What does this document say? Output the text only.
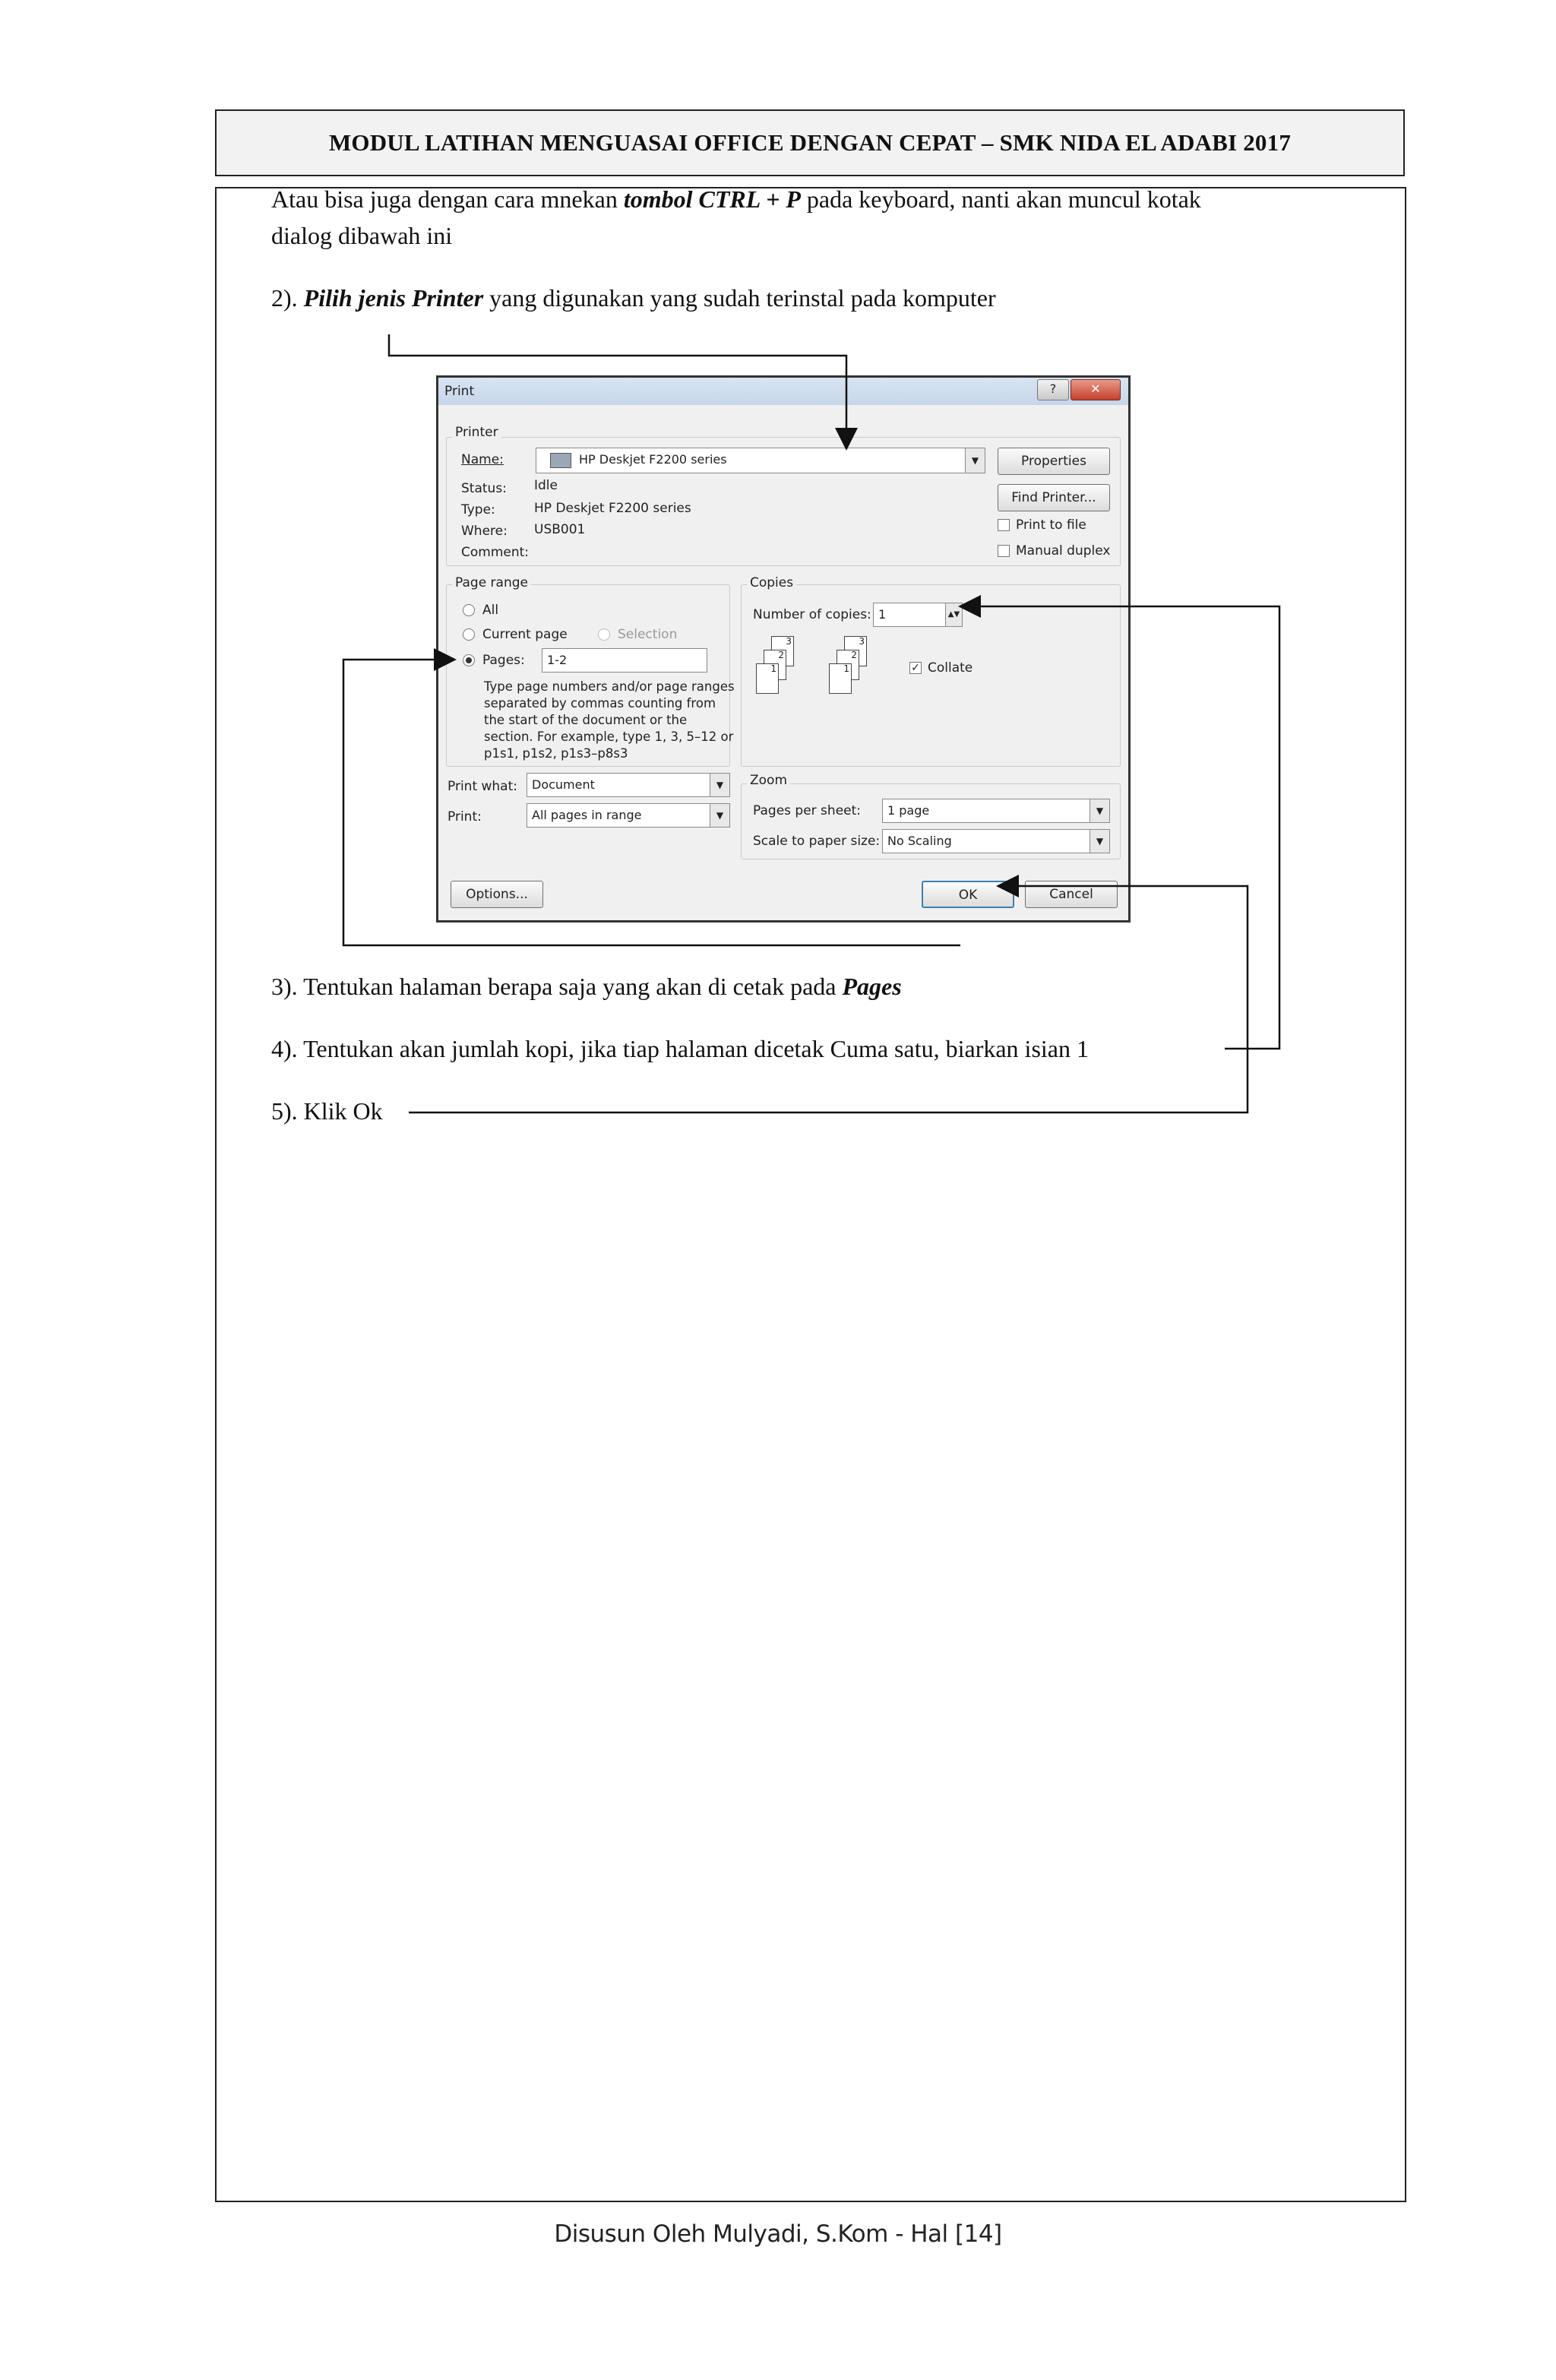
MODUL LATIHAN MENGUASAI OFFICE DENGAN CEPAT – SMK NIDA EL ADABI 2017
Atau bisa juga dengan cara mnekan tombol CTRL + P pada keyboard, nanti akan muncul kotak
dialog dibawah ini
2). Pilih jenis Printer yang digunakan yang sudah terinstal pada komputer
Print	?	✕
Printer
Name:	HP Deskjet F2200 series	▼	Properties
Status: Idle
Type:	HP Deskjet F2200 series
Where: USB001
Comment:
Find Printer...
Print to file
Manual duplex
Page range
All
Current page	Selection
Pages:	1-2
Type page numbers and/or page ranges separated by commas counting from the start of the document or the section. For example, type 1, 3, 5–12 or p1s1, p1s2, p1s3–p8s3
Copies
Number of copies: 1	▲▼
3
2
1
3
2
1	✓ Collate
Print what:	Document	▼
Print:	All pages in range	▼
Zoom
Pages per sheet:	1 page	▼
Scale to paper size: No Scaling	▼
Options...	OK	Cancel
3). Tentukan halaman berapa saja yang akan di cetak pada Pages
4). Tentukan akan jumlah kopi, jika tiap halaman dicetak Cuma satu, biarkan isian 1
5). Klik Ok
Disusun Oleh Mulyadi, S.Kom - Hal [14]
